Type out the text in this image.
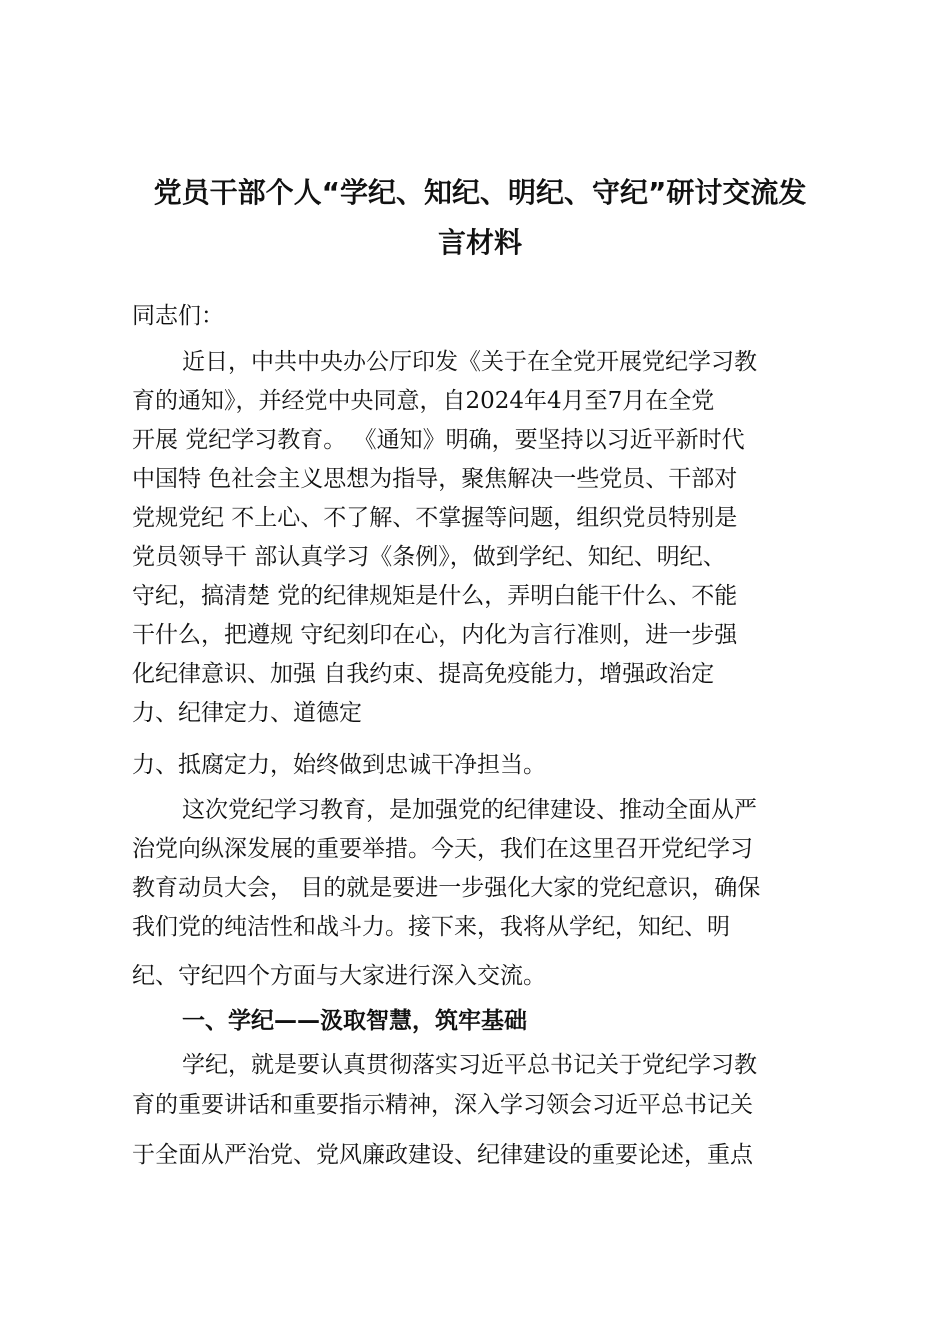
党员干部个人“学纪、知纪、明纪、守纪”研讨交流发
言材料
同志们：
近日，中共中央办公厅印发《关于在全党开展党纪学习教
育的通知》，并经党中央同意，自2024年4月至7月在全党
开展 党纪学习教育。 《通知》明确，要坚持以习近平新时代
中国特 色社会主义思想为指导，聚焦解决一些党员、干部对
党规党纪 不上心、不了解、不掌握等问题，组织党员特别是
党员领导干 部认真学习《条例》，做到学纪、知纪、明纪、
守纪，搞清楚 党的纪律规矩是什么，弄明白能干什么、不能
干什么，把遵规 守纪刻印在心，内化为言行准则，进一步强
化纪律意识、加强 自我约束、提高免疫能力，增强政治定
力、纪律定力、道德定
力、抵腐定力，始终做到忠诚干净担当。
这次党纪学习教育，是加强党的纪律建设、推动全面从严
治党向纵深发展的重要举措。今天，我们在这里召开党纪学习
教育动员大会， 目的就是要进一步强化大家的党纪意识，确保
我们党的纯洁性和战斗力。接下来，我将从学纪，知纪、明
纪、守纪四个方面与大家进行深入交流。
一、学纪——汲取智慧，筑牢基础
学纪，就是要认真贯彻落实习近平总书记关于党纪学习教
育的重要讲话和重要指示精神，深入学习领会习近平总书记关
于全面从严治党、党风廉政建设、纪律建设的重要论述，重点
